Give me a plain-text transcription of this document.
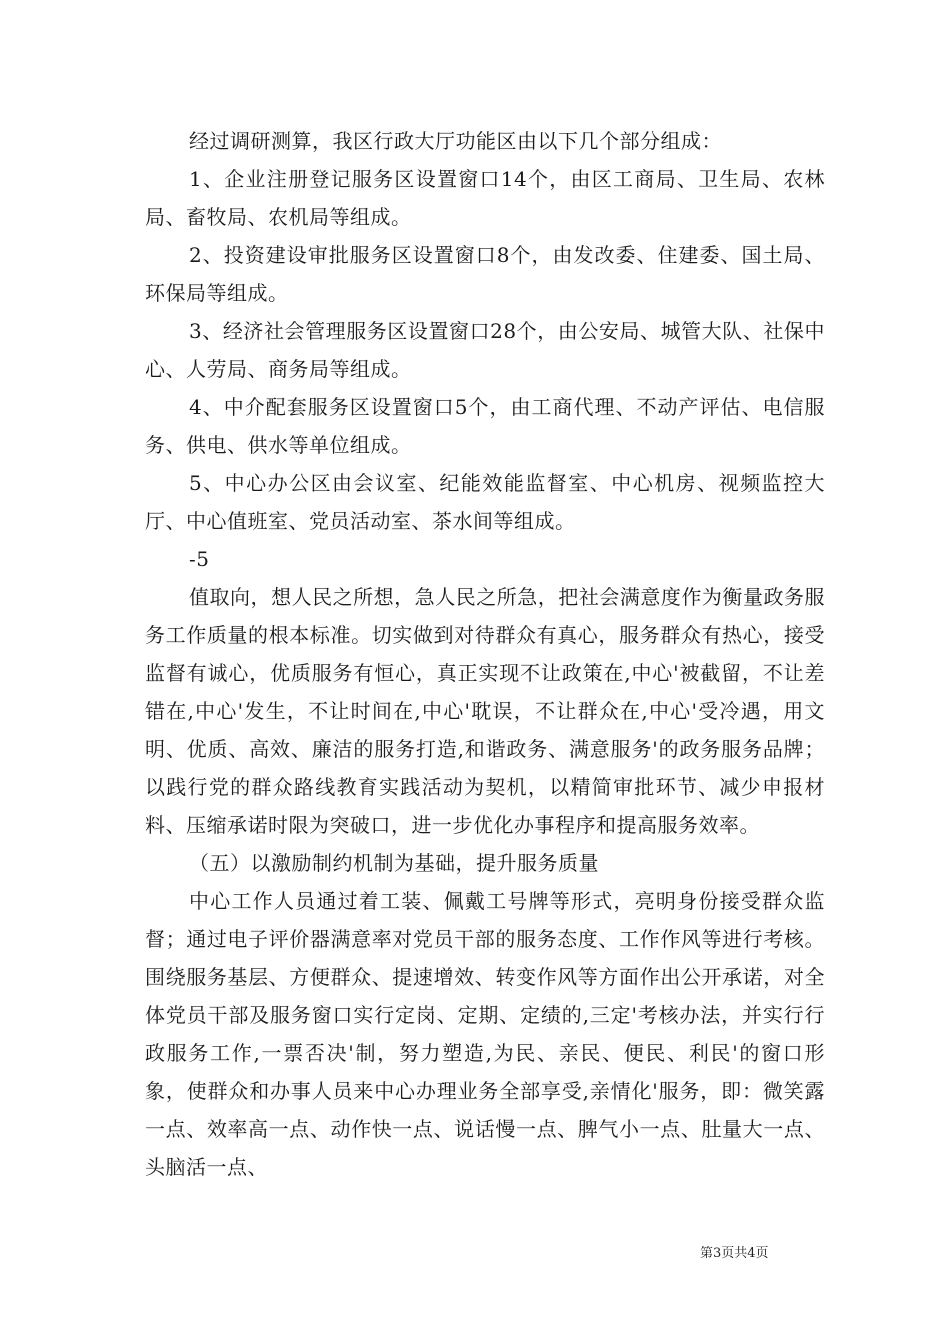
经过调研测算，我区行政大厅功能区由以下几个部分组成：

1、企业注册登记服务区设置窗口14个，由区工商局、卫生局、农林局、畜牧局、农机局等组成。

2、投资建设审批服务区设置窗口8个，由发改委、住建委、国土局、环保局等组成。

3、经济社会管理服务区设置窗口28个，由公安局、城管大队、社保中心、人劳局、商务局等组成。

4、中介配套服务区设置窗口5个，由工商代理、不动产评估、电信服务、供电、供水等单位组成。

5、中心办公区由会议室、纪能效能监督室、中心机房、视频监控大厅、中心值班室、党员活动室、茶水间等组成。

-5

值取向，想人民之所想，急人民之所急，把社会满意度作为衡量政务服务工作质量的根本标准。切实做到对待群众有真心，服务群众有热心，接受监督有诚心，优质服务有恒心，真正实现不让政策在,中心'被截留，不让差错在,中心'发生，不让时间在,中心'耽误，不让群众在,中心'受冷遇，用文明、优质、高效、廉洁的服务打造,和谐政务、满意服务'的政务服务品牌；以践行党的群众路线教育实践活动为契机，以精简审批环节、减少申报材料、压缩承诺时限为突破口，进一步优化办事程序和提高服务效率。

（五）以激励制约机制为基础，提升服务质量

中心工作人员通过着工装、佩戴工号牌等形式，亮明身份接受群众监督；通过电子评价器满意率对党员干部的服务态度、工作作风等进行考核。围绕服务基层、方便群众、提速增效、转变作风等方面作出公开承诺，对全体党员干部及服务窗口实行定岗、定期、定绩的,三定'考核办法，并实行行政服务工作,一票否决'制，努力塑造,为民、亲民、便民、利民'的窗口形象，使群众和办事人员来中心办理业务全部享受,亲情化'服务，即：微笑露一点、效率高一点、动作快一点、说话慢一点、脾气小一点、肚量大一点、头脑活一点、

第3页共4页
